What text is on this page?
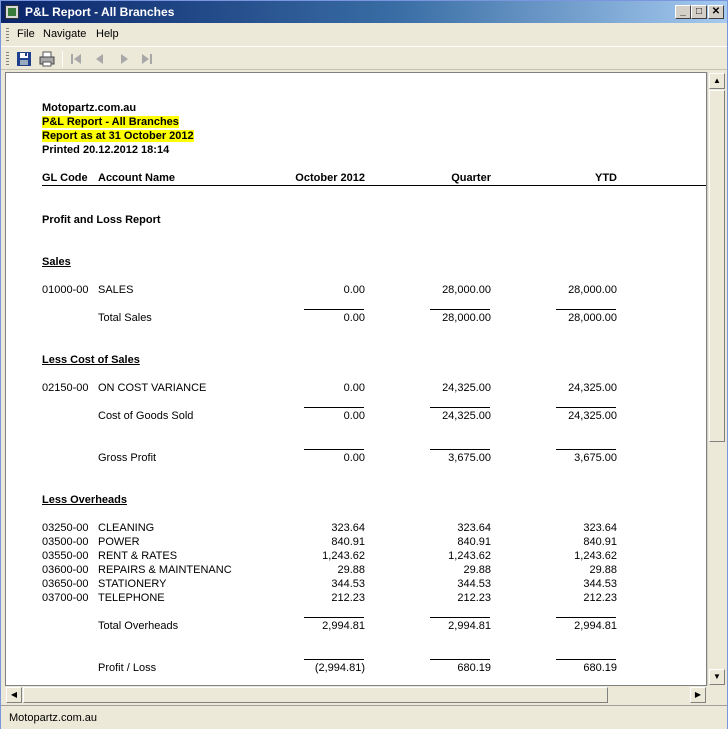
P&L Report - All Branches	_	□ ✕
File Navigate Help
Motopartz.com.au
P&L Report - All Branches
Report as at 31 October 2012
Printed 20.12.2012 18:14
GL Code Account Name	October 2012	Quarter	YTD
Profit and Loss Report
Sales
01000-00 SALES	0.00	28,000.00	28,000.00
Total Sales	0.00	28,000.00	28,000.00
Less Cost of Sales
02150-00 ON COST VARIANCE	0.00	24,325.00	24,325.00
Cost of Goods Sold	0.00	24,325.00	24,325.00
Gross Profit	0.00	3,675.00	3,675.00
Less Overheads
03250-00 CLEANING	323.64	323.64	323.64
03500-00 POWER	840.91	840.91	840.91
03550-00 RENT & RATES	1,243.62	1,243.62	1,243.62
03600-00 REPAIRS & MAINTENANC	29.88	29.88	29.88
03650-00 STATIONERY	344.53	344.53	344.53
03700-00 TELEPHONE	212.23	212.23	212.23
Total Overheads	2,994.81	2,994.81	2,994.81
Profit / Loss	(2,994.81)	680.19	680.19
▲
▼
◀	▶
Motopartz.com.au
